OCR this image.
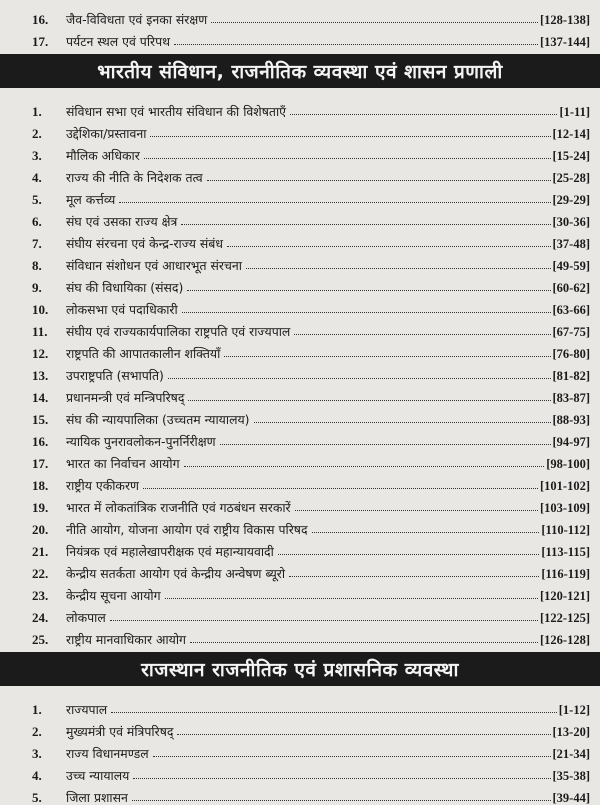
16.	जैव-विविधता एवं इनका संरक्षण	[128-138]
17.	पर्यटन स्थल एवं परिपथ	[137-144]
भारतीय संविधान, राजनीतिक व्यवस्था एवं शासन प्रणाली
1.	संविधान सभा एवं भारतीय संविधान की विशेषताएँ	[1-11]
2.	उद्देशिका/प्रस्तावना	[12-14]
3.	मौलिक अधिकार	[15-24]
4.	राज्य की नीति के निदेशक तत्व	[25-28]
5.	मूल कर्त्तव्य	[29-29]
6.	संघ एवं उसका राज्य क्षेत्र	[30-36]
7.	संघीय संरचना एवं केन्द्र-राज्य संबंध	[37-48]
8.	संविधान संशोधन एवं आधारभूत संरचना	[49-59]
9.	संघ की विधायिका (संसद)	[60-62]
10.	लोकसभा एवं पदाधिकारी	[63-66]
11.	संघीय एवं राज्यकार्यपालिका राष्ट्रपति एवं राज्यपाल	[67-75]
12.	राष्ट्रपति की आपातकालीन शक्तियाँ	[76-80]
13.	उपराष्ट्रपति (सभापति)	[81-82]
14.	प्रधानमन्त्री एवं मन्त्रिपरिषद्	[83-87]
15.	संघ की न्यायपालिका (उच्चतम न्यायालय)	[88-93]
16.	न्यायिक पुनरावलोकन-पुनर्निरीक्षण	[94-97]
17.	भारत का निर्वाचन आयोग	[98-100]
18.	राष्ट्रीय एकीकरण	[101-102]
19.	भारत में लोकतांत्रिक राजनीति एवं गठबंधन सरकारें	[103-109]
20.	नीति आयोग, योजना आयोग एवं राष्ट्रीय विकास परिषद	[110-112]
21.	नियंत्रक एवं महालेखापरीक्षक एवं महान्यायवादी	[113-115]
22.	केन्द्रीय सतर्कता आयोग एवं केन्द्रीय अन्वेषण ब्यूरो	[116-119]
23.	केन्द्रीय सूचना आयोग	[120-121]
24.	लोकपाल	[122-125]
25.	राष्ट्रीय मानवाधिकार आयोग	[126-128]
राजस्थान राजनीतिक एवं प्रशासनिक व्यवस्था
1.	राज्यपाल	[1-12]
2.	मुख्यमंत्री एवं मंत्रिपरिषद्	[13-20]
3.	राज्य विधानमण्डल	[21-34]
4.	उच्च न्यायालय	[35-38]
5.	जिला प्रशासन	[39-44]
